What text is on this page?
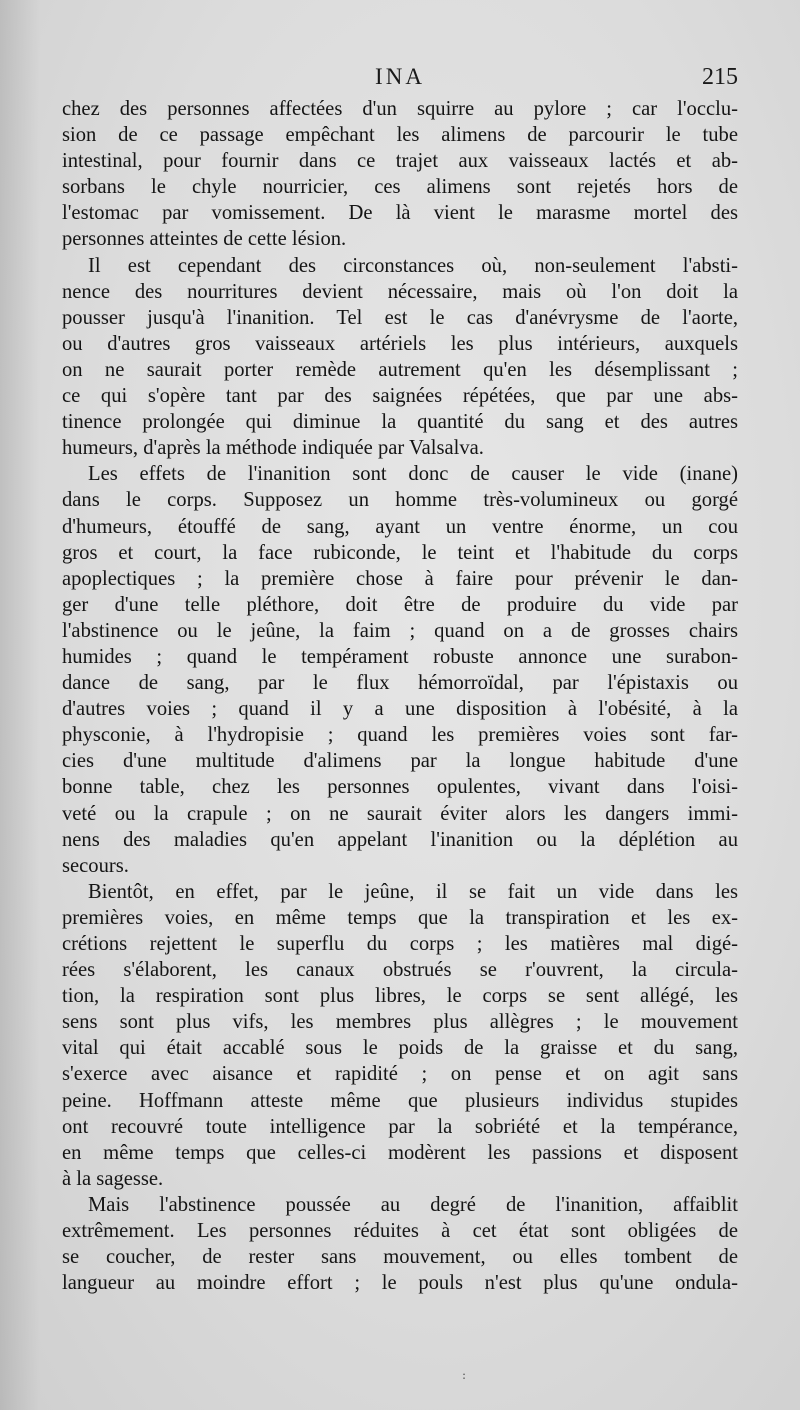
INA	215
chez des personnes affectées d'un squirre au pylore ; car l'occlu-
sion de ce passage empêchant les alimens de parcourir le tube
intestinal, pour fournir dans ce trajet aux vaisseaux lactés et ab-
sorbans le chyle nourricier, ces alimens sont rejetés hors de
l'estomac par vomissement. De là vient le marasme mortel des
personnes atteintes de cette lésion.
Il est cependant des circonstances où, non-seulement l'absti-
nence des nourritures devient nécessaire, mais où l'on doit la
pousser jusqu'à l'inanition. Tel est le cas d'anévrysme de l'aorte,
ou d'autres gros vaisseaux artériels les plus intérieurs, auxquels
on ne saurait porter remède autrement qu'en les désemplissant ;
ce qui s'opère tant par des saignées répétées, que par une abs-
tinence prolongée qui diminue la quantité du sang et des autres
humeurs, d'après la méthode indiquée par Valsalva.
Les effets de l'inanition sont donc de causer le vide (inane)
dans le corps. Supposez un homme très-volumineux ou gorgé
d'humeurs, étouffé de sang, ayant un ventre énorme, un cou
gros et court, la face rubiconde, le teint et l'habitude du corps
apoplectiques ; la première chose à faire pour prévenir le dan-
ger d'une telle pléthore, doit être de produire du vide par
l'abstinence ou le jeûne, la faim ; quand on a de grosses chairs
humides ; quand le tempérament robuste annonce une surabon-
dance de sang, par le flux hémorroïdal, par l'épistaxis ou
d'autres voies ; quand il y a une disposition à l'obésité, à la
physconie, à l'hydropisie ; quand les premières voies sont far-
cies d'une multitude d'alimens par la longue habitude d'une
bonne table, chez les personnes opulentes, vivant dans l'oisi-
veté ou la crapule ; on ne saurait éviter alors les dangers immi-
nens des maladies qu'en appelant l'inanition ou la déplétion au
secours.
Bientôt, en effet, par le jeûne, il se fait un vide dans les
premières voies, en même temps que la transpiration et les ex-
crétions rejettent le superflu du corps ; les matières mal digé-
rées s'élaborent, les canaux obstrués se r'ouvrent, la circula-
tion, la respiration sont plus libres, le corps se sent allégé, les
sens sont plus vifs, les membres plus allègres ; le mouvement
vital qui était accablé sous le poids de la graisse et du sang,
s'exerce avec aisance et rapidité ; on pense et on agit sans
peine. Hoffmann atteste même que plusieurs individus stupides
ont recouvré toute intelligence par la sobriété et la tempérance,
en même temps que celles-ci modèrent les passions et disposent
à la sagesse.
Mais l'abstinence poussée au degré de l'inanition, affaiblit
extrêmement. Les personnes réduites à cet état sont obligées de
se coucher, de rester sans mouvement, ou elles tombent de
langueur au moindre effort ; le pouls n'est plus qu'une ondula-
:
